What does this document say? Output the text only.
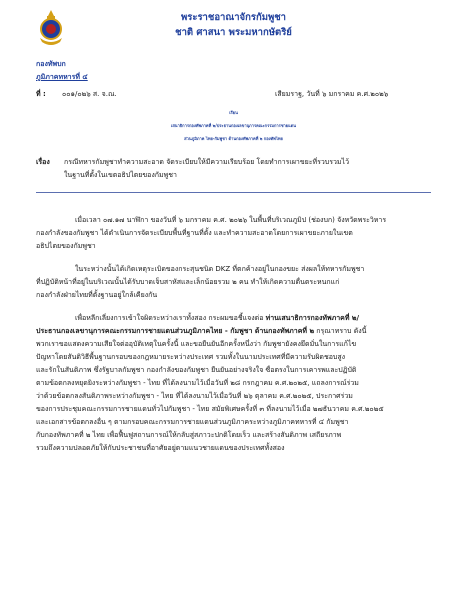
พระราชอาณาจักรกัมพูชา
ชาติ ศาสนา พระมหากษัตริย์
กองทัพบก
ภูมิภาคทหารที่ ๔
ที่ : ๐๐๑/๐๒๖ ส. จ.ณ.	เสียมราฐ, วันที่ ๖ มกราคม ค.ศ.๒๐๒๖
เรียน
เสนาธิการกองทัพภาคที่ ๒/ประธานกองเลขานุการคณะกรรมการชายแดน
ส่วนภูมิภาค ไทย-กัมพูชา ด้านกองทัพภาคที่ ๒ กองทัพไทย
เรื่อง กรณีทหารกัมพูชาทำความสะอาด จัดระเบียบให้มีความเรียบร้อย โดยทำการเผาขยะที่รวบรวมไว้
ในฐานที่ตั้งในเขตอธิปไตยของกัมพูชา
เมื่อเวลา ๐๗.๑๗ นาฬิกา ของวันที่ ๖ มกราคม ค.ศ. ๒๐๒๖ ในพื้นที่บริเวณภูมิป (ช่องบก) จังหวัดพระวิหาร
กองกำลังของกัมพูชา ได้ดำเนินการจัดระเบียบพื้นที่ฐานที่ตั้ง และทำความสะอาดโดยการเผาขยะภายในเขต
อธิปไตยของกัมพูชา
ในระหว่างนั้นได้เกิดเหตุระเบิดของกระสุนชนิด DKZ ที่ตกค้างอยู่ในกองขยะ ส่งผลให้ทหารกัมพูชา
ที่ปฏิบัติหน้าที่อยู่ในบริเวณนั้นได้รับบาดเจ็บสาหัสและเล็กน้อยรวม ๒ คน ทำให้เกิดความตื่นตระหนกแก่
กองกำลังฝ่ายไทยที่ตั้งฐานอยู่ใกล้เคียงกัน
เพื่อหลีกเลี่ยงการเข้าใจผิดระหว่างเราทั้งสอง กระผมขอชี้แจงต่อ ท่านเสนาธิการกองทัพภาคที่ ๒/
ประธานกองเลขานุการคณะกรรมการชายแดนส่วนภูมิภาคไทย - กัมพูชา ด้านกองทัพภาคที่ ๒ กรุณาทราบ ดังนี้
พวกเราขอแสดงความเสียใจต่ออุบัติเหตุในครั้งนี้ และขอยืนยันอีกครั้งหนึ่งว่า กัมพูชายังคงยึดมั่นในการแก้ไข
ปัญหาโดยสันติวิธีพื้นฐานกรอบของกฎหมายระหว่างประเทศ รวมทั้งในนามประเทศที่มีความรับผิดชอบสูง
และรักในสันติภาพ ซึ่งรัฐบาลกัมพูชา กองกำลังของกัมพูชา ยืนยันอย่างจริงใจ ซื่อตรงในการเคารพและปฏิบัติ
ตามข้อตกลงหยุดยิงระหว่างกัมพูชา - ไทย ที่ได้ลงนามไว้เมื่อวันที่ ๒๘ กรกฎาคม ค.ศ.๒๐๒๕, แถลงการณ์ร่วม
ว่าด้วยข้อตกลงสันติภาพระหว่างกัมพูชา - ไทย ที่ได้ลงนามไว้เมื่อวันที่ ๒๖ ตุลาคม ค.ศ.๒๐๒๕, ประกาศร่วม
ของการประชุมคณะกรรมการชายแดนทั่วไปกัมพูชา - ไทย สมัยพิเศษครั้งที่ ๓ ที่ลงนามไว้เมื่อ ๒๗ธันวาคม ค.ศ.๒๐๒๕
และเอกสารข้อตกลงอื่น ๆ ตามกรอบคณะกรรมการชายแดนส่วนภูมิภาคระหว่างภูมิภาคทหารที่ ๔ กัมพูชา
กับกองทัพภาคที่ ๒ ไทย เพื่อฟื้นฟูสถานการณ์ให้กลับสู่สภาวะปกติโดยเร็ว และสร้างสันติภาพ เสถียรภาพ
รวมถึงความปลอดภัยให้กับประชาชนที่อาศัยอยู่ตามแนวชายแดนของประเทศทั้งสอง
